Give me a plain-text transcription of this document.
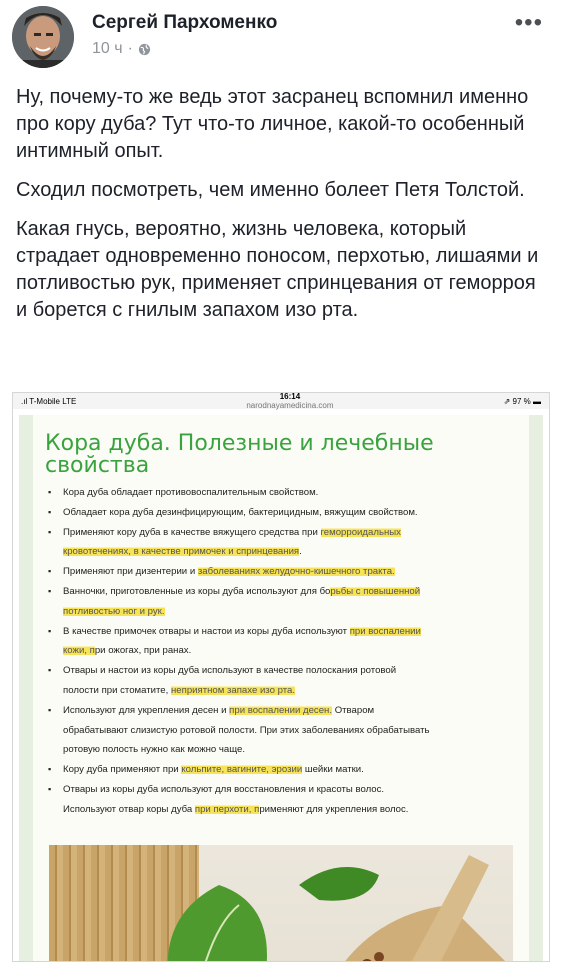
Сергей Пархоменко
10 ч ·
•••

Ну, почему-то же ведь этот засранец вспомнил именно про кору дуба? Тут что-то личное, какой-то особенный интимный опыт.

Сходил посмотреть, чем именно болеет Петя Толстой.

Какая гнусь, вероятно, жизнь человека, который страдает одновременно поносом, перхотью, лишаями и потливостью рук, применяет спринцевания от геморроя и борется с гнилым запахом изо рта.

.ıl T-Mobile LTE	16:14
narodnayamedicina.com	⇗ 97 % ▬
Кора дуба. Полезные и лечебные свойства
▪ Кора дуба обладает противовоспалительным свойством.
▪ Обладает кора дуба дезинфицирующим, бактерицидным, вяжущим свойством.
▪ Применяют кору дуба в качестве вяжущего средства при геморроидальных
кровотечениях, в качестве примочек и спринцевания.
▪ Применяют при дизентерии и заболеваниях желудочно-кишечного тракта.
▪ Ванночки, приготовленные из коры дуба используют для борьбы с повышенной
потливостью ног и рук.
▪ В качестве примочек отвары и настои из коры дуба используют при воспалении
кожи, при ожогах, при ранах.
▪ Отвары и настои из коры дуба используют в качестве полоскания ротовой
полости при стоматите, неприятном запахе изо рта.
▪ Используют для укрепления десен и при воспалении десен. Отваром
обрабатывают слизистую ротовой полости. При этих заболеваниях обрабатывать
ротовую полость нужно как можно чаще.
▪ Кору дуба применяют при кольпите, вагините, эрозии шейки матки.
▪ Отвары из коры дуба используют для восстановления и красоты волос.
Используют отвар коры дуба при перхоти, применяют для укрепления волос.
